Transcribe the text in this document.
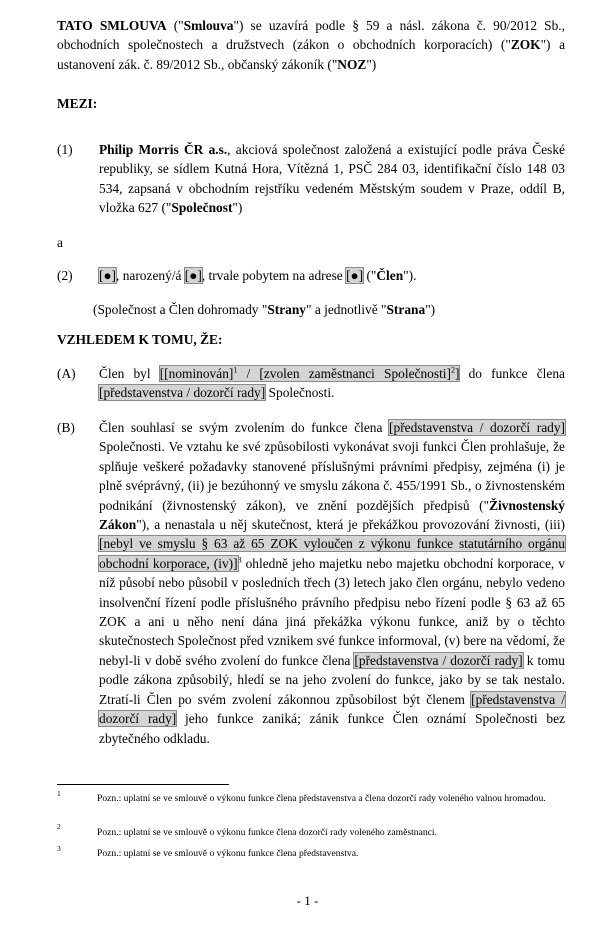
TATO SMLOUVA ("Smlouva") se uzavírá podle § 59 a násl. zákona č. 90/2012 Sb., obchodních společnostech a družstvech (zákon o obchodních korporacích) ("ZOK") a ustanovení zák. č. 89/2012 Sb., občanský zákoník ("NOZ")

MEZI:
(1) Philip Morris ČR a.s., akciová společnost založená a existující podle práva České republiky, se sídlem Kutná Hora, Vítězná 1, PSČ 284 03, identifikační číslo 148 03 534, zapsaná v obchodním rejstříku vedeném Městským soudem v Praze, oddíl B, vložka 627 ("Společnost")

a
(2) [●], narozený/á [●], trvale pobytem na adrese [●] ("Člen").

(Společnost a Člen dohromady "Strany" a jednotlivě "Strana")

VZHLEDEM K TOMU, ŽE:
(A) Člen byl [[nominován]$^1$ / [zvolen zaměstnanci Společnosti]$^2$] do funkce člena [představenstva / dozorčí rady] Společnosti.

(B) Člen souhlasí se svým zvolením do funkce člena [představenstva / dozorčí rady] Společnosti. Ve vztahu ke své způsobilosti vykonávat svoji funkci Člen prohlašuje, že splňuje veškeré požadavky stanovené příslušnými právními předpisy, zejména (i) je plně svéprávný, (ii) je bezúhonný ve smyslu zákona č. 455/1991 Sb., o živnostenském podnikání (živnostenský zákon), ve znění pozdějších předpisů ("Živnostenský Zákon"), a nenastala u něj skutečnost, která je překážkou provozování živnosti, (iii) [nebyl ve smyslu § 63 až 65 ZOK vyloučen z výkonu funkce statutárního orgánu obchodní korporace, (iv)]$^3$ ohledně jeho majetku nebo majetku obchodní korporace, v níž působí nebo působil v posledních třech (3) letech jako člen orgánu, nebylo vedeno insolvenční řízení podle příslušného právního předpisu nebo řízení podle § 63 až 65 ZOK a ani u něho není dána jiná překážka výkonu funkce, aniž by o těchto skutečnostech Společnost před vznikem své funkce informoval, (v) bere na vědomí, že nebyl-li v době svého zvolení do funkce člena [představenstva / dozorčí rady] k tomu podle zákona způsobilý, hledí se na jeho zvolení do funkce, jako by se tak nestalo. Ztratí-li Člen po svém zvolení zákonnou způsobilost být členem [představenstva / dozorčí rady] jeho funkce zaniká; zánik funkce Člen oznámí Společnosti bez zbytečného odkladu.

1	Pozn.: uplatní se ve smlouvě o výkonu funkce člena představenstva a člena dozorčí rady voleného valnou hromadou.
2
Pozn.: uplatní se ve smlouvě o výkonu funkce člena dozorčí rady voleného zaměstnanci.
3	Pozn.: uplatní se ve smlouvě o výkonu funkce člena představenstva.
- 1 -
